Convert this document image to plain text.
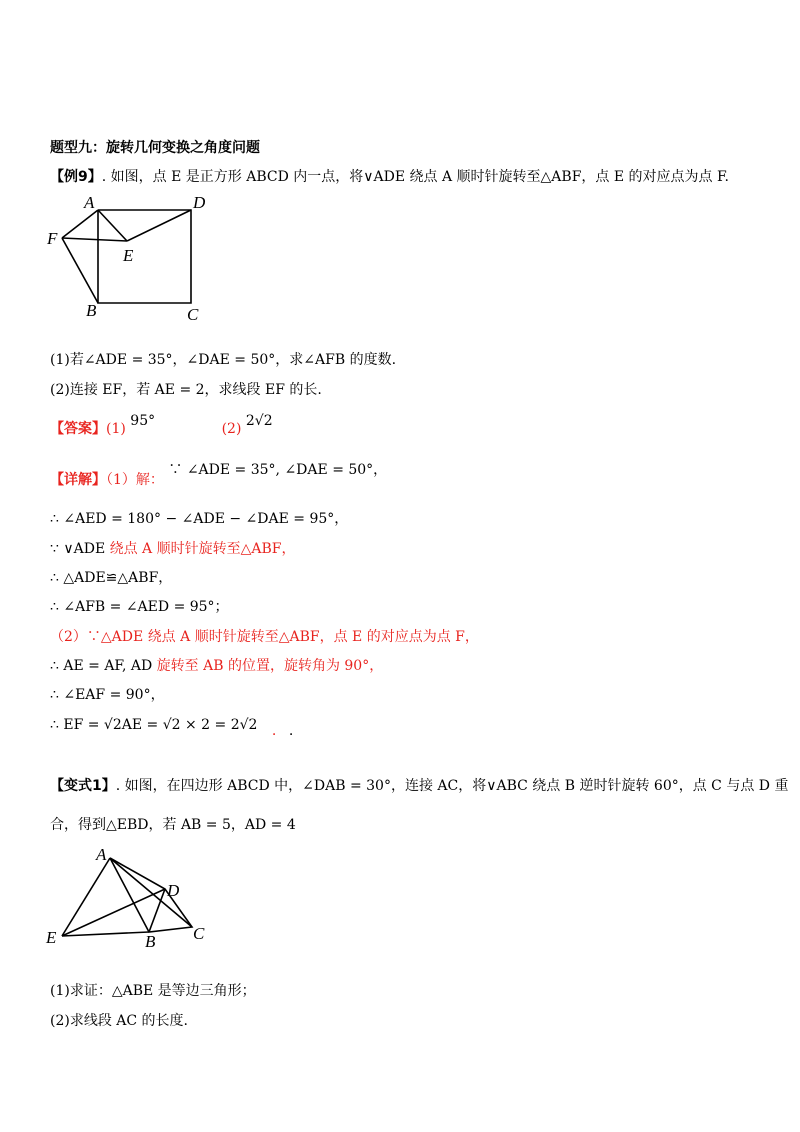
题型九：旋转几何变换之角度问题
【例9】. 如图，点 E 是正方形 ABCD 内一点，将∨ADE 绕点 A 顺时针旋转至△ABF，点 E 的对应点为点 F.
A	D
F
E
B	C
(1)若∠ADE = 35°，∠DAE = 50°，求∠AFB 的度数.
(2)连接 EF，若 AE = 2，求线段 EF 的长.
【答案】(1) 95°	(2) 2√2
【详解】（1）解： ∵ ∠ADE = 35°, ∠DAE = 50°，
∴ ∠AED = 180° − ∠ADE − ∠DAE = 95°，
∵ ∨ADE 绕点 A 顺时针旋转至△ABF，
∴ △ADE≌△ABF，
∴ ∠AFB = ∠AED = 95°；
（2）∵△ADE 绕点 A 顺时针旋转至△ABF，点 E 的对应点为点 F，
∴ AE = AF, AD 旋转至 AB 的位置，旋转角为 90°，
∴ ∠EAF = 90°，
∴ EF = √2AE = √2 × 2 = 2√2 . .
【变式1】. 如图，在四边形 ABCD 中，∠DAB = 30°，连接 AC，将∨ABC 绕点 B 逆时针旋转 60°，点 C 与点 D 重
合，得到△EBD，若 AB = 5，AD = 4
A
D
E	B C
(1)求证：△ABE 是等边三角形；
(2)求线段 AC 的长度.
